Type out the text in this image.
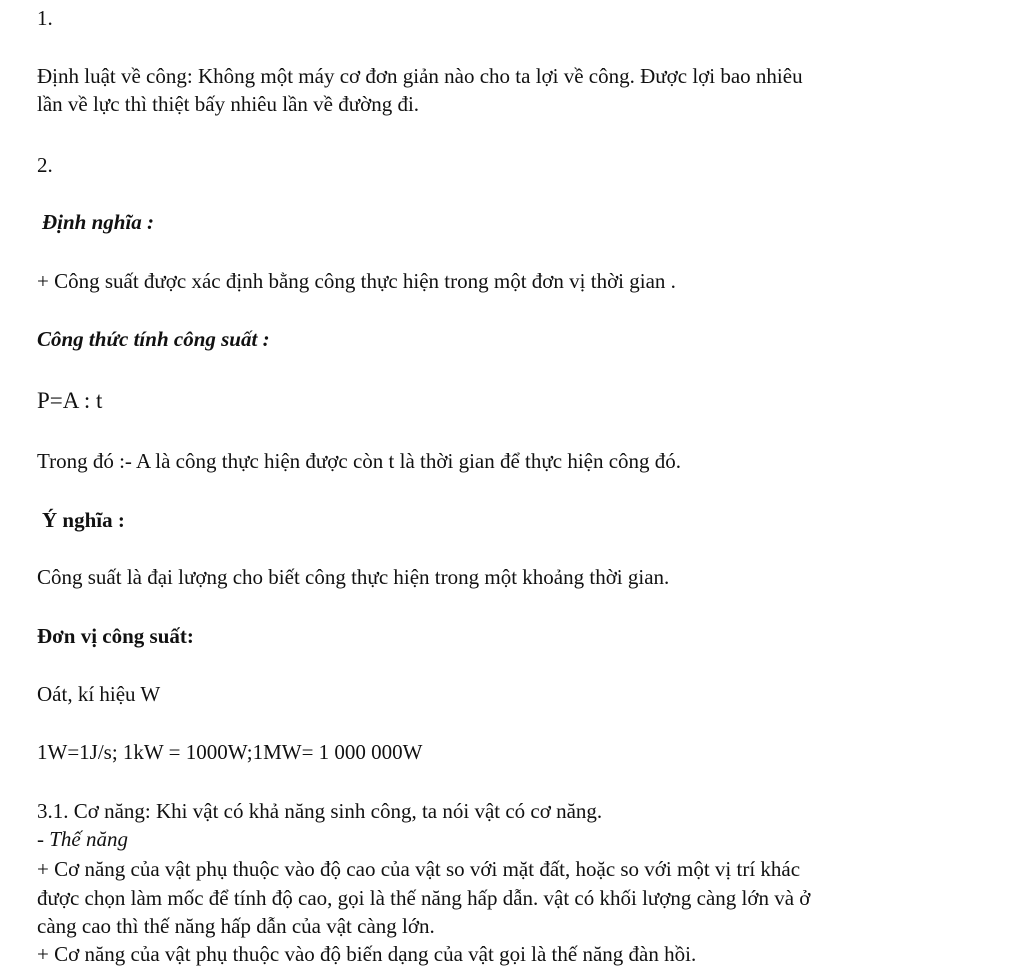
1.
Định luật về công: Không một máy cơ đơn giản nào cho ta lợi về công. Được lợi bao nhiêu
lần về lực thì thiệt bấy nhiêu lần về đường đi.
2.
Định nghĩa :
+ Công suất được xác định bằng công thực hiện trong một đơn vị thời gian .
Công thức tính công suất :
P=A : t
Trong đó :- A là công thực hiện được còn t là thời gian để thực hiện công đó.
Ý nghĩa :
Công suất là đại lượng cho biết công thực hiện trong một khoảng thời gian.
Đơn vị công suất:
Oát, kí hiệu W
1W=1J/s; 1kW = 1000W;1MW= 1 000 000W
3.1. Cơ năng: Khi vật có khả năng sinh công, ta nói vật có cơ năng.
- Thế năng
+ Cơ năng của vật phụ thuộc vào độ cao của vật so với mặt đất, hoặc so với một vị trí khác
được chọn làm mốc để tính độ cao, gọi là thế năng hấp dẫn. vật có khối lượng càng lớn và ở
càng cao thì thế năng hấp dẫn của vật càng lớn.
+ Cơ năng của vật phụ thuộc vào độ biến dạng của vật gọi là thế năng đàn hồi.
